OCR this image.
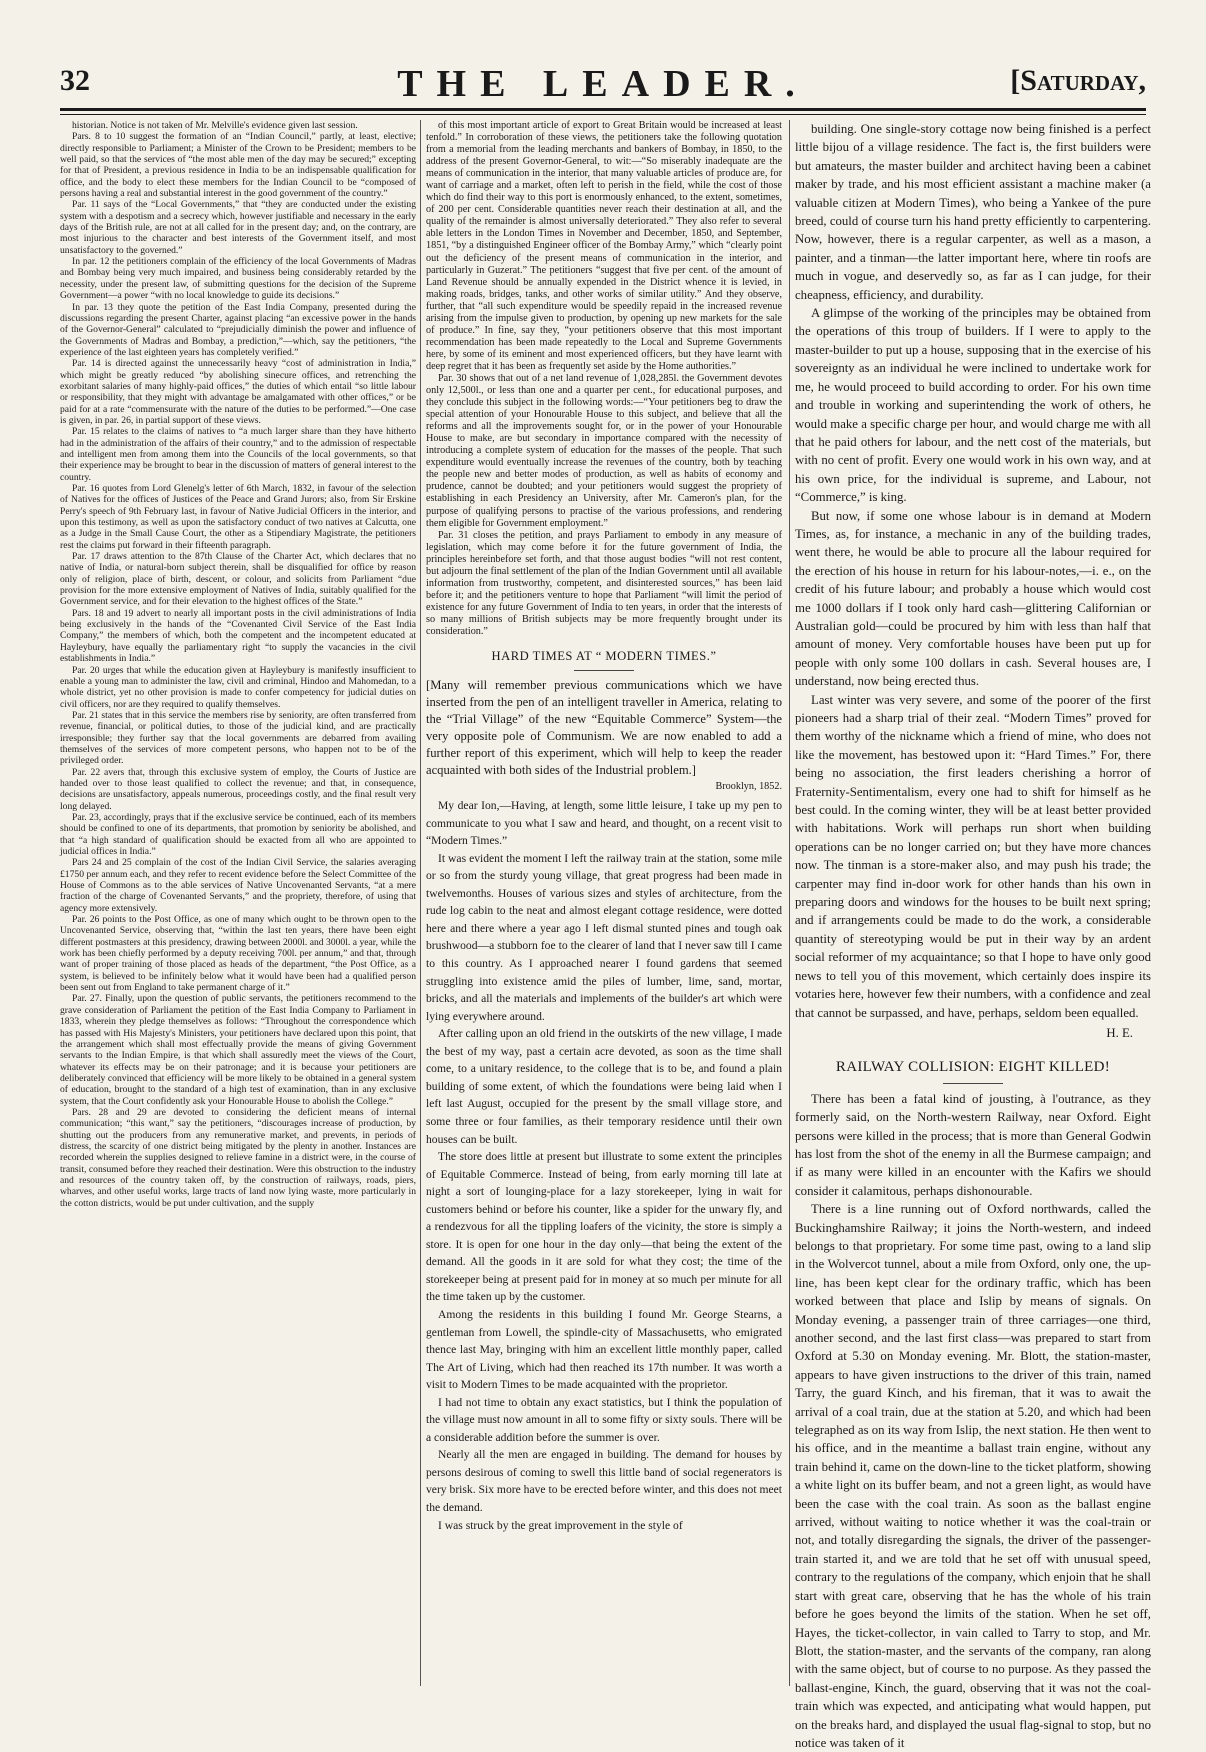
32	THE LEADER.	[Saturday,

historian. Notice is not taken of Mr. Melville's evidence given last session.

Pars. 8 to 10 suggest the formation of an “Indian Council,” partly, at least, elective; directly responsible to Parliament; a Minister of the Crown to be President; members to be well paid, so that the services of “the most able men of the day may be secured;” excepting for that of President, a previous residence in India to be an indispensable qualification for office, and the body to elect these members for the Indian Council to be “composed of persons having a real and substantial interest in the good government of the country.”

Par. 11 says of the “Local Governments,” that “they are conducted under the existing system with a despotism and a secrecy which, however justifiable and necessary in the early days of the British rule, are not at all called for in the present day; and, on the contrary, are most injurious to the character and best interests of the Government itself, and most unsatisfactory to the governed.”

In par. 12 the petitioners complain of the efficiency of the local Governments of Madras and Bombay being very much impaired, and business being considerably retarded by the necessity, under the present law, of submitting questions for the decision of the Supreme Government—a power “with no local knowledge to guide its decisions.”

In par. 13 they quote the petition of the East India Company, presented during the discussions regarding the present Charter, against placing “an excessive power in the hands of the Governor-General” calculated to “prejudicially diminish the power and influence of the Governments of Madras and Bombay, a prediction,”—which, say the petitioners, “the experience of the last eighteen years has completely verified.”

Par. 14 is directed against the unnecessarily heavy “cost of administration in India,” which might be greatly reduced “by abolishing sinecure offices, and retrenching the exorbitant salaries of many highly-paid offices,” the duties of which entail “so little labour or responsibility, that they might with advantage be amalgamated with other offices,” or be paid for at a rate “commensurate with the nature of the duties to be performed.”—One case is given, in par. 26, in partial support of these views.

Par. 15 relates to the claims of natives to “a much larger share than they have hitherto had in the administration of the affairs of their country,” and to the admission of respectable and intelligent men from among them into the Councils of the local governments, so that their experience may be brought to bear in the discussion of matters of general interest to the country.

Par. 16 quotes from Lord Glenelg's letter of 6th March, 1832, in favour of the selection of Natives for the offices of Justices of the Peace and Grand Jurors; also, from Sir Erskine Perry's speech of 9th February last, in favour of Native Judicial Officers in the interior, and upon this testimony, as well as upon the satisfactory conduct of two natives at Calcutta, one as a Judge in the Small Cause Court, the other as a Stipendiary Magistrate, the petitioners rest the claims put forward in their fifteenth paragraph.

Par. 17 draws attention to the 87th Clause of the Charter Act, which declares that no native of India, or natural-born subject therein, shall be disqualified for office by reason only of religion, place of birth, descent, or colour, and solicits from Parliament “due provision for the more extensive employment of Natives of India, suitably qualified for the Government service, and for their elevation to the highest offices of the State.”

Pars. 18 and 19 advert to nearly all important posts in the civil administrations of India being exclusively in the hands of the “Covenanted Civil Service of the East India Company,” the members of which, both the competent and the incompetent educated at Hayleybury, have equally the parliamentary right “to supply the vacancies in the civil establishments in India.”

Par. 20 urges that while the education given at Hayleybury is manifestly insufficient to enable a young man to administer the law, civil and criminal, Hindoo and Mahomedan, to a whole district, yet no other provision is made to confer competency for judicial duties on civil officers, nor are they required to qualify themselves.

Par. 21 states that in this service the members rise by seniority, are often transferred from revenue, financial, or political duties, to those of the judicial kind, and are practically irresponsible; they further say that the local governments are debarred from availing themselves of the services of more competent persons, who happen not to be of the privileged order.

Par. 22 avers that, through this exclusive system of employ, the Courts of Justice are handed over to those least qualified to collect the revenue; and that, in consequence, decisions are unsatisfactory, appeals numerous, proceedings costly, and the final result very long delayed.

Par. 23, accordingly, prays that if the exclusive service be continued, each of its members should be confined to one of its departments, that promotion by seniority be abolished, and that “a high standard of qualification should be exacted from all who are appointed to judicial offices in India.”

Pars 24 and 25 complain of the cost of the Indian Civil Service, the salaries averaging £1750 per annum each, and they refer to recent evidence before the Select Committee of the House of Commons as to the able services of Native Uncovenanted Servants, “at a mere fraction of the charge of Covenanted Servants,” and the propriety, therefore, of using that agency more extensively.

Par. 26 points to the Post Office, as one of many which ought to be thrown open to the Uncovenanted Service, observing that, “within the last ten years, there have been eight different postmasters at this presidency, drawing between 2000l. and 3000l. a year, while the work has been chiefly performed by a deputy receiving 700l. per annum,” and that, through want of proper training of those placed as heads of the department, “the Post Office, as a system, is believed to be infinitely below what it would have been had a qualified person been sent out from England to take permanent charge of it.”

Par. 27. Finally, upon the question of public servants, the petitioners recommend to the grave consideration of Parliament the petition of the East India Company to Parliament in 1833, wherein they pledge themselves as follows: “Throughout the correspondence which has passed with His Majesty's Ministers, your petitioners have declared upon this point, that the arrangement which shall most effectually provide the means of giving Government servants to the Indian Empire, is that which shall assuredly meet the views of the Court, whatever its effects may be on their patronage; and it is because your petitioners are deliberately convinced that efficiency will be more likely to be obtained in a general system of education, brought to the standard of a high test of examination, than in any exclusive system, that the Court confidently ask your Honourable House to abolish the College.”

Pars. 28 and 29 are devoted to considering the deficient means of internal communication; “this want,” say the petitioners, “discourages increase of production, by shutting out the producers from any remunerative market, and prevents, in periods of distress, the scarcity of one district being mitigated by the plenty in another. Instances are recorded wherein the supplies designed to relieve famine in a district were, in the course of transit, consumed before they reached their destination. Were this obstruction to the industry and resources of the country taken off, by the construction of railways, roads, piers, wharves, and other useful works, large tracts of land now lying waste, more particularly in the cotton districts, would be put under cultivation, and the supply

of this most important article of export to Great Britain would be increased at least tenfold.” In corroboration of these views, the petitioners take the following quotation from a memorial from the leading merchants and bankers of Bombay, in 1850, to the address of the present Governor-General, to wit:—“So miserably inadequate are the means of communication in the interior, that many valuable articles of produce are, for want of carriage and a market, often left to perish in the field, while the cost of those which do find their way to this port is enormously enhanced, to the extent, sometimes, of 200 per cent. Considerable quantities never reach their destination at all, and the quality of the remainder is almost universally deteriorated.” They also refer to several able letters in the London Times in November and December, 1850, and September, 1851, “by a distinguished Engineer officer of the Bombay Army,” which “clearly point out the deficiency of the present means of communication in the interior, and particularly in Guzerat.” The petitioners “suggest that five per cent. of the amount of Land Revenue should be annually expended in the District whence it is levied, in making roads, bridges, tanks, and other works of similar utility.” And they observe, further, that “all such expenditure would be speedily repaid in the increased revenue arising from the impulse given to production, by opening up new markets for the sale of produce.” In fine, say they, “your petitioners observe that this most important recommendation has been made repeatedly to the Local and Supreme Governments here, by some of its eminent and most experienced officers, but they have learnt with deep regret that it has been as frequently set aside by the Home authorities.”

Par. 30 shows that out of a net land revenue of 1,028,285l. the Government devotes only 12,500l., or less than one and a quarter per cent., for educational purposes, and they conclude this subject in the following words:—“Your petitioners beg to draw the special attention of your Honourable House to this subject, and believe that all the reforms and all the improvements sought for, or in the power of your Honourable House to make, are but secondary in importance compared with the necessity of introducing a complete system of education for the masses of the people. That such expenditure would eventually increase the revenues of the country, both by teaching the people new and better modes of production, as well as habits of economy and prudence, cannot be doubted; and your petitioners would suggest the propriety of establishing in each Presidency an University, after Mr. Cameron's plan, for the purpose of qualifying persons to practise of the various professions, and rendering them eligible for Government employment.”

Par. 31 closes the petition, and prays Parliament to embody in any measure of legislation, which may come before it for the future government of India, the principles hereinbefore set forth, and that those august bodies “will not rest content, but adjourn the final settlement of the plan of the Indian Government until all available information from trustworthy, competent, and disinterested sources,” has been laid before it; and the petitioners venture to hope that Parliament “will limit the period of existence for any future Government of India to ten years, in order that the interests of so many millions of British subjects may be more frequently brought under its consideration.”

HARD TIMES AT “ MODERN TIMES.”

[Many will remember previous communications which we have inserted from the pen of an intelligent traveller in America, relating to the “Trial Village” of the new “Equitable Commerce” System—the very opposite pole of Communism. We are now enabled to add a further report of this experiment, which will help to keep the reader acquainted with both sides of the Industrial problem.]

Brooklyn, 1852.

My dear Ion,—Having, at length, some little leisure, I take up my pen to communicate to you what I saw and heard, and thought, on a recent visit to “Modern Times.”

It was evident the moment I left the railway train at the station, some mile or so from the sturdy young village, that great progress had been made in twelvemonths. Houses of various sizes and styles of architecture, from the rude log cabin to the neat and almost elegant cottage residence, were dotted here and there where a year ago I left dismal stunted pines and tough oak brushwood—a stubborn foe to the clearer of land that I never saw till I came to this country. As I approached nearer I found gardens that seemed struggling into existence amid the piles of lumber, lime, sand, mortar, bricks, and all the materials and implements of the builder's art which were lying everywhere around.

After calling upon an old friend in the outskirts of the new village, I made the best of my way, past a certain acre devoted, as soon as the time shall come, to a unitary residence, to the college that is to be, and found a plain building of some extent, of which the foundations were being laid when I left last August, occupied for the present by the small village store, and some three or four families, as their temporary residence until their own houses can be built.

The store does little at present but illustrate to some extent the principles of Equitable Commerce. Instead of being, from early morning till late at night a sort of lounging-place for a lazy storekeeper, lying in wait for customers behind or before his counter, like a spider for the unwary fly, and a rendezvous for all the tippling loafers of the vicinity, the store is simply a store. It is open for one hour in the day only—that being the extent of the demand. All the goods in it are sold for what they cost; the time of the storekeeper being at present paid for in money at so much per minute for all the time taken up by the customer.

Among the residents in this building I found Mr. George Stearns, a gentleman from Lowell, the spindle-city of Massachusetts, who emigrated thence last May, bringing with him an excellent little monthly paper, called The Art of Living, which had then reached its 17th number. It was worth a visit to Modern Times to be made acquainted with the proprietor.

I had not time to obtain any exact statistics, but I think the population of the village must now amount in all to some fifty or sixty souls. There will be a considerable addition before the summer is over.

Nearly all the men are engaged in building. The demand for houses by persons desirous of coming to swell this little band of social regenerators is very brisk. Six more have to be erected before winter, and this does not meet the demand.

I was struck by the great improvement in the style of

building. One single-story cottage now being finished is a perfect little bijou of a village residence. The fact is, the first builders were but amateurs, the master builder and architect having been a cabinet maker by trade, and his most efficient assistant a machine maker (a valuable citizen at Modern Times), who being a Yankee of the pure breed, could of course turn his hand pretty efficiently to carpentering. Now, however, there is a regular carpenter, as well as a mason, a painter, and a tinman—the latter important here, where tin roofs are much in vogue, and deservedly so, as far as I can judge, for their cheapness, efficiency, and durability.

A glimpse of the working of the principles may be obtained from the operations of this troup of builders. If I were to apply to the master-builder to put up a house, supposing that in the exercise of his sovereignty as an individual he were inclined to undertake work for me, he would proceed to build according to order. For his own time and trouble in working and superintending the work of others, he would make a specific charge per hour, and would charge me with all that he paid others for labour, and the nett cost of the materials, but with no cent of profit. Every one would work in his own way, and at his own price, for the individual is supreme, and Labour, not “Commerce,” is king.

But now, if some one whose labour is in demand at Modern Times, as, for instance, a mechanic in any of the building trades, went there, he would be able to procure all the labour required for the erection of his house in return for his labour-notes,—i. e., on the credit of his future labour; and probably a house which would cost me 1000 dollars if I took only hard cash—glittering Californian or Australian gold—could be procured by him with less than half that amount of money. Very comfortable houses have been put up for people with only some 100 dollars in cash. Several houses are, I understand, now being erected thus.

Last winter was very severe, and some of the poorer of the first pioneers had a sharp trial of their zeal. “Modern Times” proved for them worthy of the nickname which a friend of mine, who does not like the movement, has bestowed upon it: “Hard Times.” For, there being no association, the first leaders cherishing a horror of Fraternity-Sentimentalism, every one had to shift for himself as he best could. In the coming winter, they will be at least better provided with habitations. Work will perhaps run short when building operations can be no longer carried on; but they have more chances now. The tinman is a store-maker also, and may push his trade; the carpenter may find in-door work for other hands than his own in preparing doors and windows for the houses to be built next spring; and if arrangements could be made to do the work, a considerable quantity of stereotyping would be put in their way by an ardent social reformer of my acquaintance; so that I hope to have only good news to tell you of this movement, which certainly does inspire its votaries here, however few their numbers, with a confidence and zeal that cannot be surpassed, and have, perhaps, seldom been equalled.

H. E.

RAILWAY COLLISION: EIGHT KILLED!

There has been a fatal kind of jousting, à l'outrance, as they formerly said, on the North-western Railway, near Oxford. Eight persons were killed in the process; that is more than General Godwin has lost from the shot of the enemy in all the Burmese campaign; and if as many were killed in an encounter with the Kafirs we should consider it calamitous, perhaps dishonourable.

There is a line running out of Oxford northwards, called the Buckinghamshire Railway; it joins the North-western, and indeed belongs to that proprietary. For some time past, owing to a land slip in the Wolvercot tunnel, about a mile from Oxford, only one, the up-line, has been kept clear for the ordinary traffic, which has been worked between that place and Islip by means of signals. On Monday evening, a passenger train of three carriages—one third, another second, and the last first class—was prepared to start from Oxford at 5.30 on Monday evening. Mr. Blott, the station-master, appears to have given instructions to the driver of this train, named Tarry, the guard Kinch, and his fireman, that it was to await the arrival of a coal train, due at the station at 5.20, and which had been telegraphed as on its way from Islip, the next station. He then went to his office, and in the meantime a ballast train engine, without any train behind it, came on the down-line to the ticket platform, showing a white light on its buffer beam, and not a green light, as would have been the case with the coal train. As soon as the ballast engine arrived, without waiting to notice whether it was the coal-train or not, and totally disregarding the signals, the driver of the passenger-train started it, and we are told that he set off with unusual speed, contrary to the regulations of the company, which enjoin that he shall start with great care, observing that he has the whole of his train before he goes beyond the limits of the station. When he set off, Hayes, the ticket-collector, in vain called to Tarry to stop, and Mr. Blott, the station-master, and the servants of the company, ran along with the same object, but of course to no purpose. As they passed the ballast-engine, Kinch, the guard, observing that it was not the coal-train which was expected, and anticipating what would happen, put on the breaks hard, and displayed the usual flag-signal to stop, but no notice was taken of it
